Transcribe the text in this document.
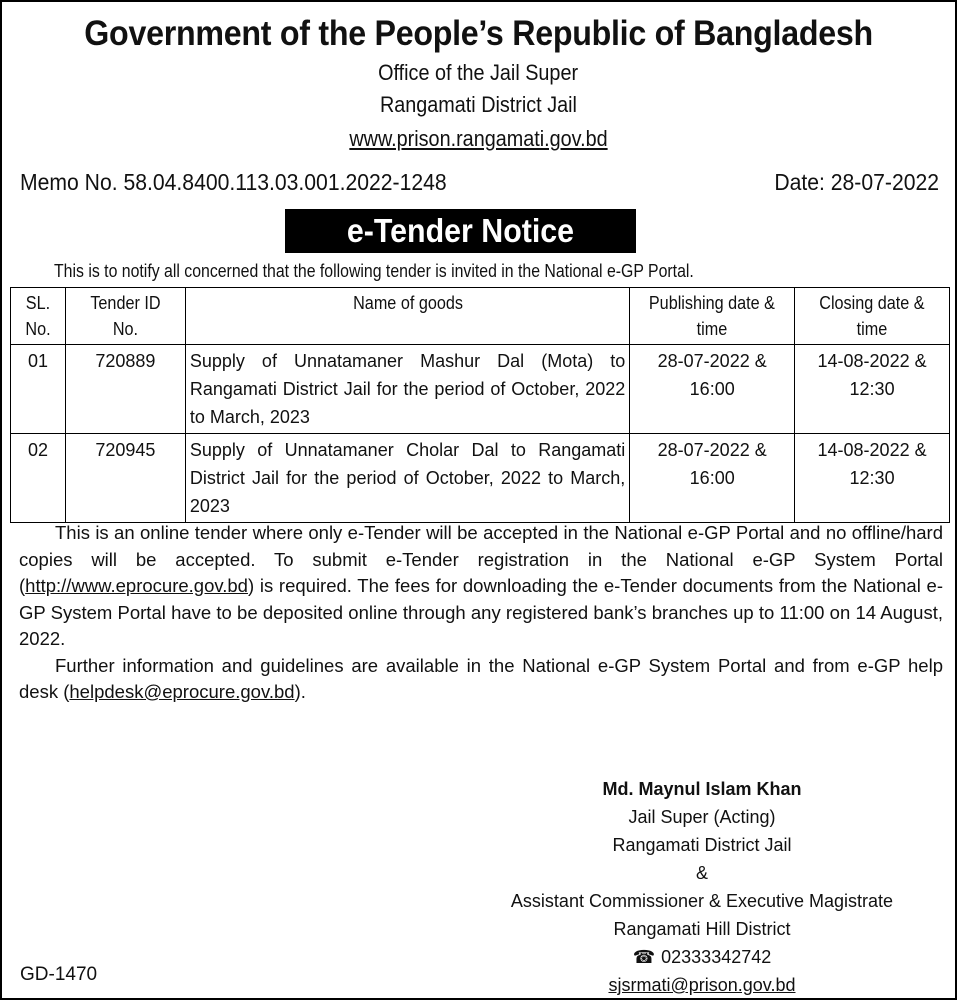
Government of the People’s Republic of Bangladesh
Office of the Jail Super
Rangamati District Jail
www.prison.rangamati.gov.bd
Memo No. 58.04.8400.113.03.001.2022-1248	Date: 28-07-2022
e-Tender Notice
This is to notify all concerned that the following tender is invited in the National e-GP Portal.
SL. No.	Tender ID No.	Name of goods	Publishing date & time	Closing date & time
01	720889	Supply of Unnatamaner Mashur Dal (Mota) to Rangamati District Jail for the period of October, 2022 to March, 2023	28-07-2022 & 16:00	14-08-2022 & 12:30
02	720945	Supply of Unnatamaner Cholar Dal to Rangamati District Jail for the period of October, 2022 to March, 2023	28-07-2022 & 16:00	14-08-2022 & 12:30

This is an online tender where only e-Tender will be accepted in the National e-GP Portal and no offline/hard copies will be accepted. To submit e-Tender registration in the National e-GP System Portal (http://www.eprocure.gov.bd) is required. The fees for downloading the e-Tender documents from the National e-GP System Portal have to be deposited online through any registered bank’s branches up to 11:00 on 14 August, 2022.

Further information and guidelines are available in the National e-GP System Portal and from e-GP help desk (helpdesk@eprocure.gov.bd).

Md. Maynul Islam Khan
Jail Super (Acting)
Rangamati District Jail
&
Assistant Commissioner & Executive Magistrate
Rangamati Hill District
☎ 02333342742
sjsrmati@prison.gov.bd
GD-1470
